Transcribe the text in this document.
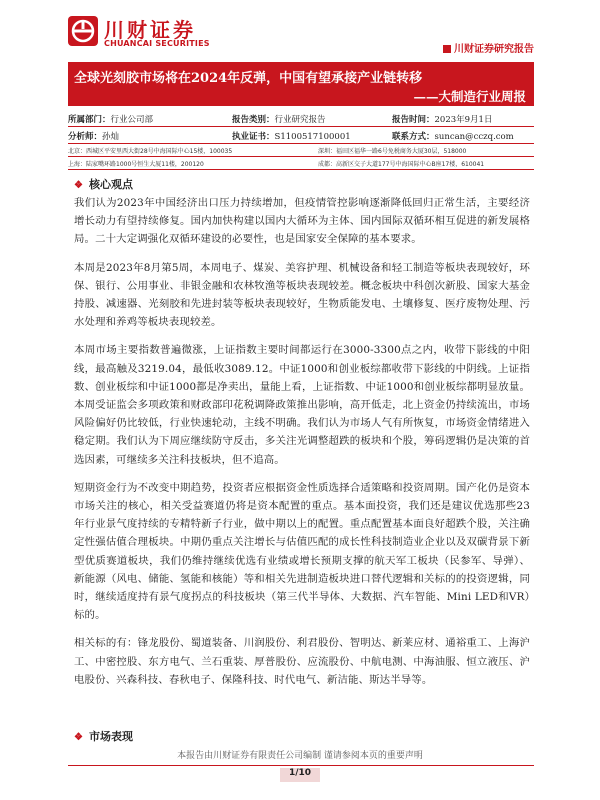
川财证券
CHUANCAI SECURITIES
川财证券研究报告
全球光刻胶市场将在2024年反弹，中国有望承接产业链转移
——大制造行业周报
所属部门：行业公司部	报告类别：行业研究报告	报告时间：2023年9月1日
分析师：孙灿	执业证书：S1100517100001	联系方式：suncan@cczq.com
北京：西城区平安里西大街28号中海国际中心15楼，100035	深圳：福田区福华一路6号免税商务大厦30层，518000
上海：陆家嘴环路1000号恒生大厦11楼，200120	成都：高新区交子大道177号中海国际中心B座17楼，610041
❖ 核心观点

我们认为2023年中国经济出口压力持续增加，但疫情管控影响逐渐降低回归正常生活，主要经济增长动力有望持续修复。国内加快构建以国内大循环为主体、国内国际双循环相互促进的新发展格局。二十大定调强化双循环建设的必要性，也是国家安全保障的基本要求。

本周是2023年8月第5周，本周电子、煤炭、美容护理、机械设备和轻工制造等板块表现较好，环保、银行、公用事业、非银金融和农林牧渔等板块表现较差。概念板块中科创次新股、国家大基金持股、减速器、光刻胶和先进封装等板块表现较好，生物质能发电、土壤修复、医疗废物处理、污水处理和养鸡等板块表现较差。

本周市场主要指数普遍微涨，上证指数主要时间都运行在3000-3300点之内，收带下影线的中阳线，最高触及3219.04，最低收3089.12。中证1000和创业板综都收带下影线的中阴线。上证指数、创业板综和中证1000都是净卖出，量能上看，上证指数、中证1000和创业板综都明显放量。本周受证监会多项政策和财政部印花税调降政策推出影响，高开低走，北上资金仍持续流出，市场风险偏好仍比较低，行业快速轮动，主线不明确。我们认为市场人气有所恢复，市场资金情绪进入稳定期。我们认为下周应继续防守反击，多关注光调整超跌的板块和个股，筹码逻辑仍是决策的首选因素，可继续多关注科技板块，但不追高。

短期资金行为不改变中期趋势，投资者应根据资金性质选择合适策略和投资周期。国产化仍是资本市场关注的核心，相关受益赛道仍将是资本配置的重点。基本面投资，我们还是建议优选那些23年行业景气度持续的专精特新子行业，做中期以上的配置。重点配置基本面良好超跌个股，关注确定性强估值合理板块。中期仍重点关注增长与估值匹配的成长性科技制造业企业以及双碳背景下新型优质赛道板块，我们仍维持继续优选有业绩或增长预期支撑的航天军工板块（民参军、导弹）、新能源（风电、储能、氢能和核能）等和相关先进制造板块进口替代逻辑和关标的的投资逻辑，同时，继续适度持有景气度拐点的科技板块（第三代半导体、大数据、汽车智能、Mini LED和VR）标的。

相关标的有：锋龙股份、蜀道装备、川润股份、利君股份、智明达、新莱应材、通裕重工、上海沪工、中密控股、东方电气、兰石重装、厚普股份、应流股份、中航电测、中海油服、恒立液压、沪电股份、兴森科技、春秋电子、保隆科技、时代电气、新洁能、斯达半导等。

❖ 市场表现
本报告由川财证券有限责任公司编制 谨请参阅本页的重要声明
1/10
